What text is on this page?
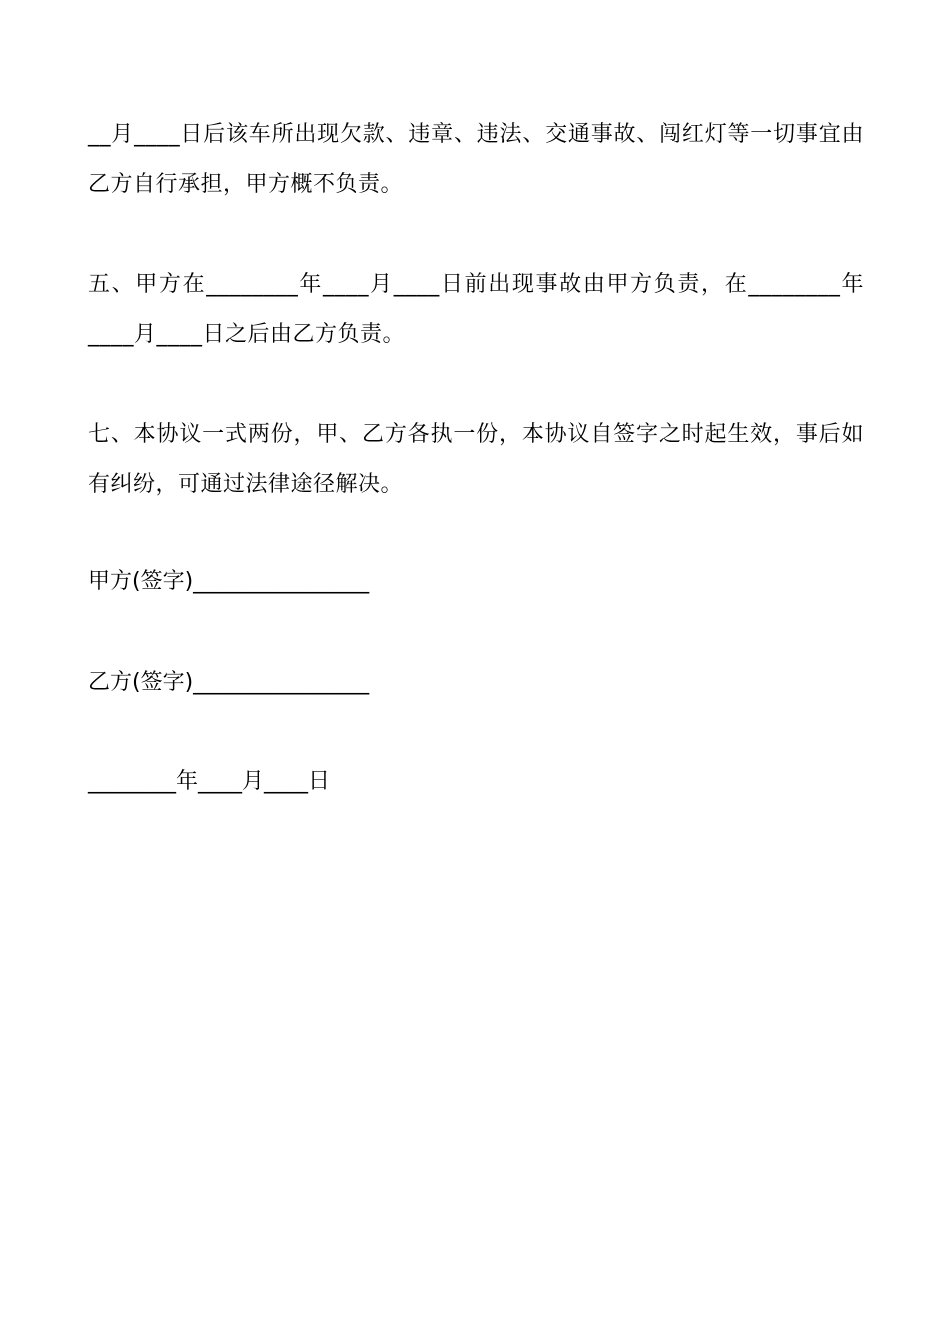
__月____日后该车所出现欠款、违章、违法、交通事故、闯红灯等一切事宜由乙方自行承担，甲方概不负责。

五、甲方在________年____月____日前出现事故由甲方负责，在________年____月____日之后由乙方负责。

七、本协议一式两份，甲、乙方各执一份，本协议自签字之时起生效，事后如有纠纷，可通过法律途径解决。

甲方(签字)________________

乙方(签字)________________

________年____月____日
